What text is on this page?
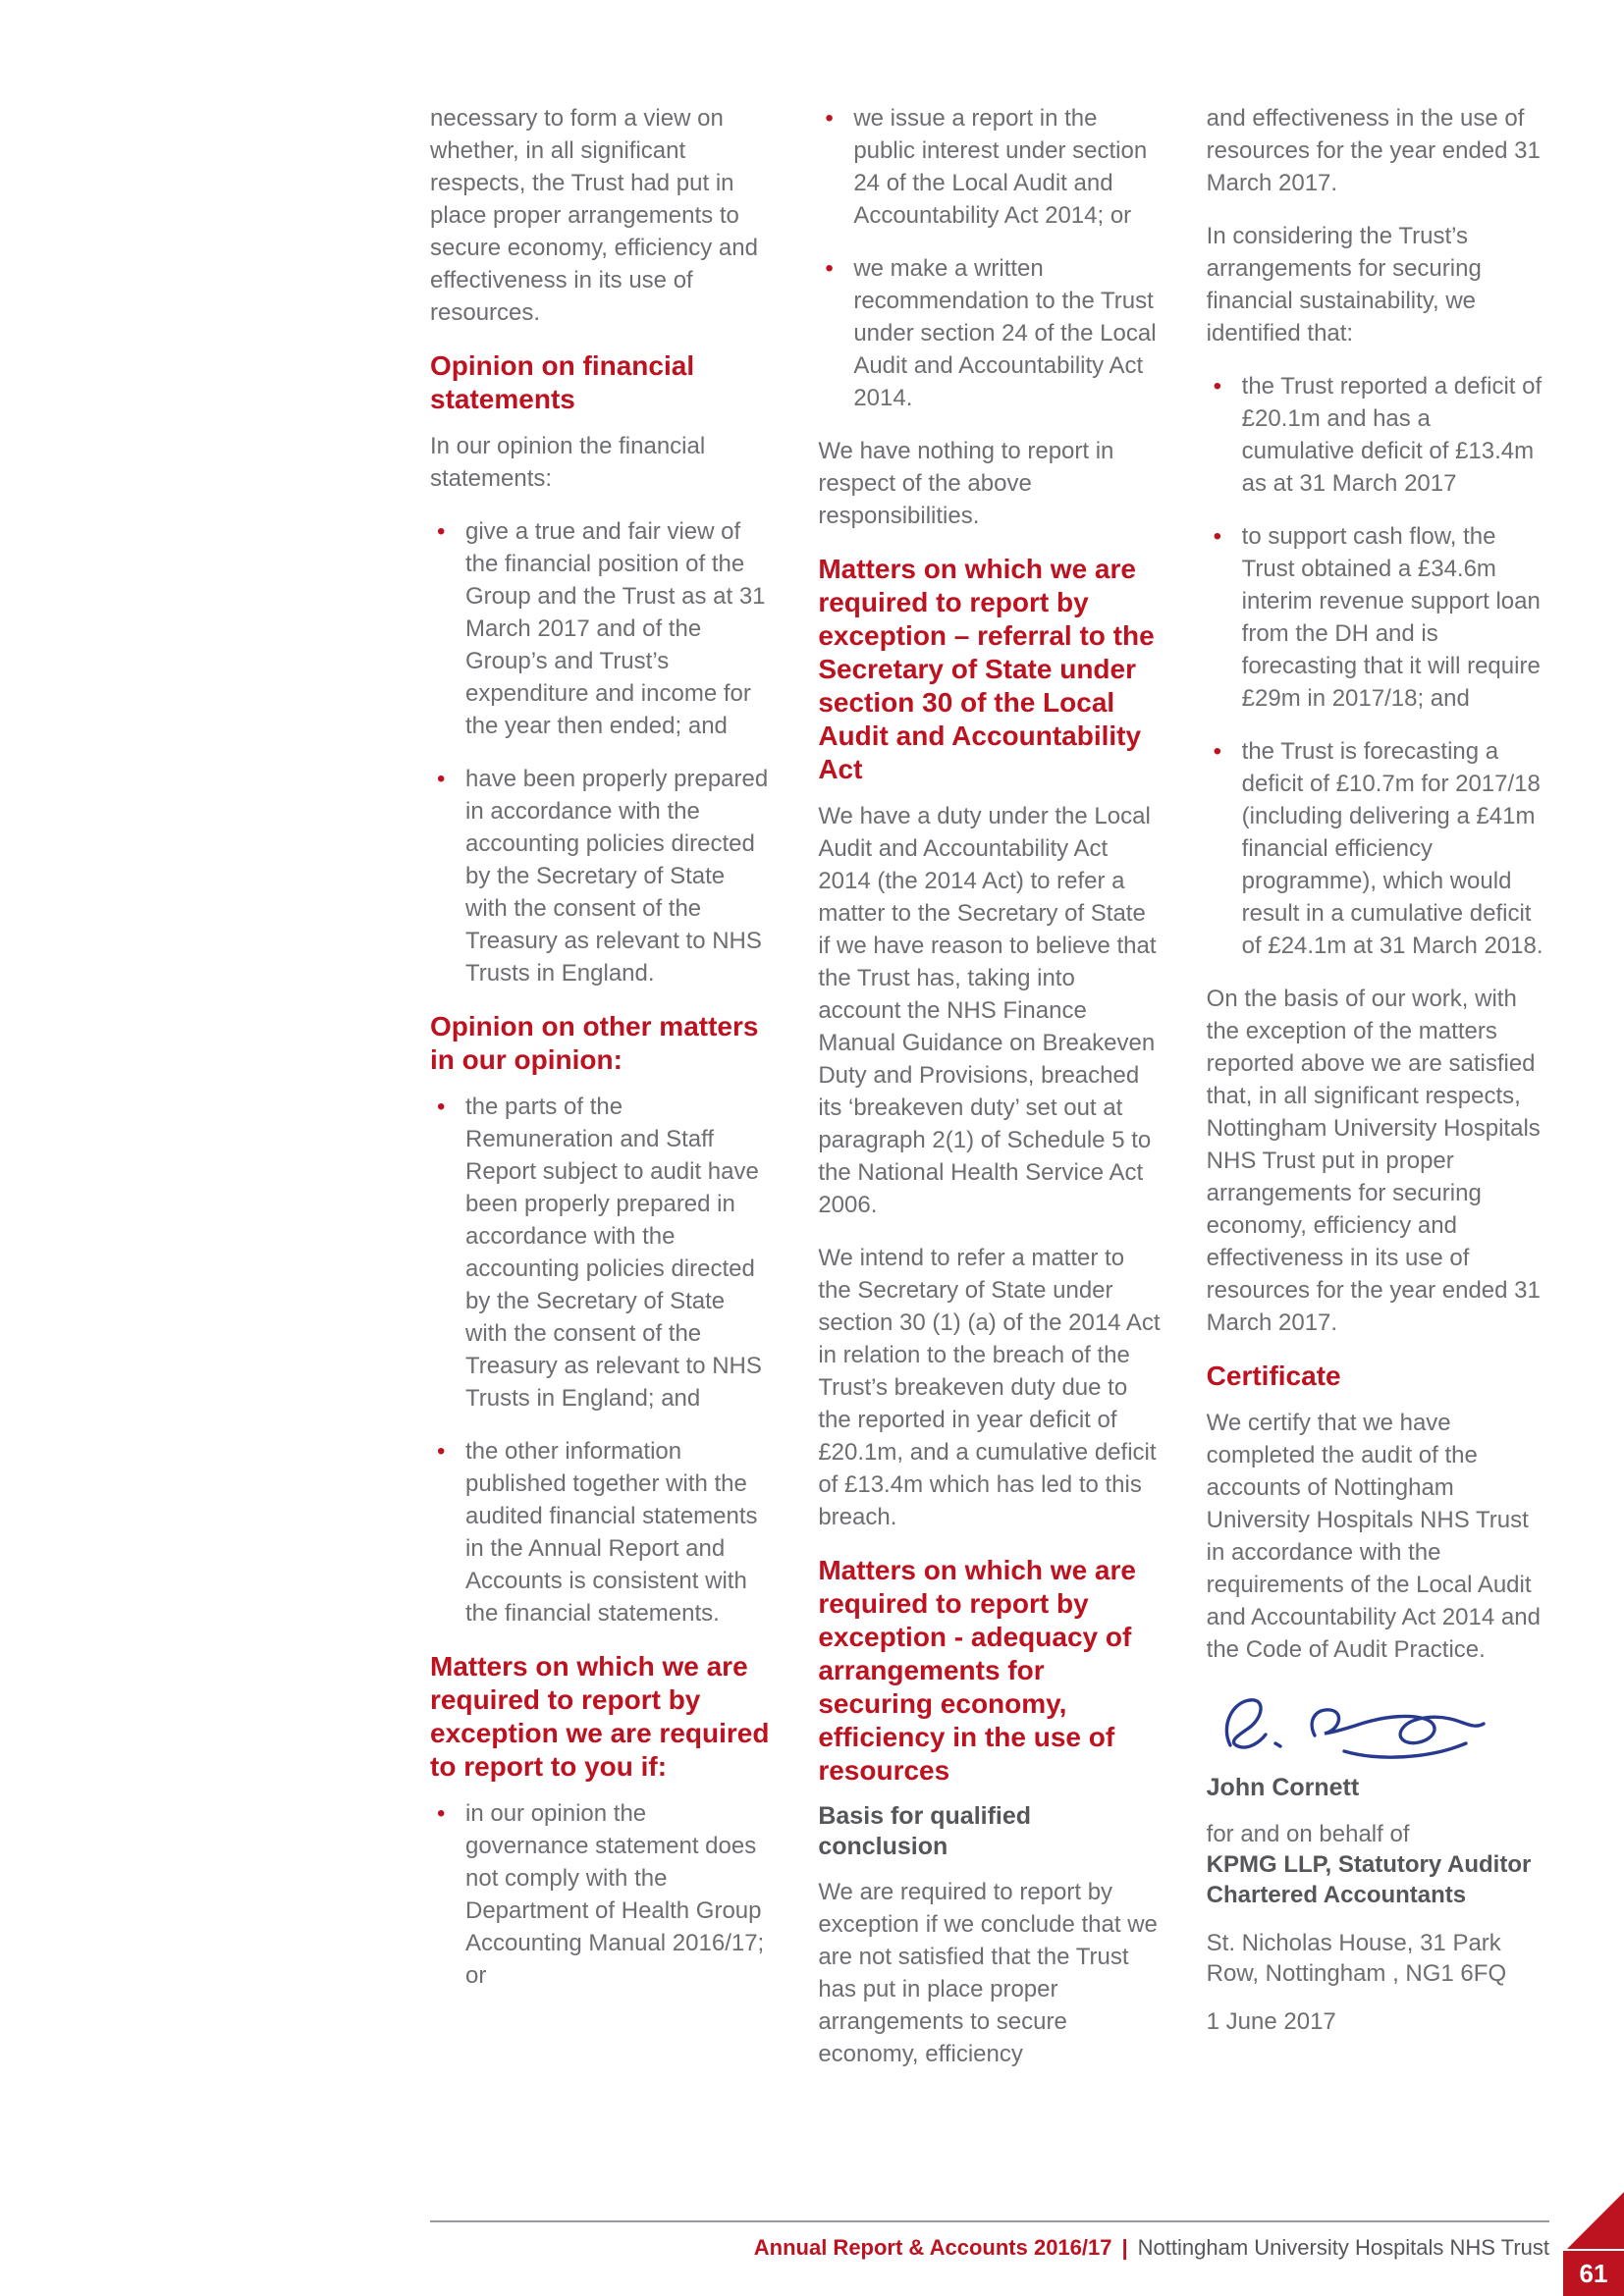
necessary to form a view on whether, in all significant respects, the Trust had put in place proper arrangements to secure economy, efficiency and effectiveness in its use of resources.

Opinion on financial statements

In our opinion the financial statements:

• give a true and fair view of the financial position of the Group and the Trust as at 31 March 2017 and of the Group’s and Trust’s expenditure and income for the year then ended; and
• have been properly prepared in accordance with the accounting policies directed by the Secretary of State with the consent of the Treasury as relevant to NHS Trusts in England.
Opinion on other matters in our opinion:
• the parts of the Remuneration and Staff Report subject to audit have been properly prepared in accordance with the accounting policies directed by the Secretary of State with the consent of the Treasury as relevant to NHS Trusts in England; and
• the other information published together with the audited financial statements in the Annual Report and Accounts is consistent with the financial statements.
Matters on which we are required to report by exception we are required to report to you if:
• in our opinion the governance statement does not comply with the Department of Health Group Accounting Manual 2016/17; or
• we issue a report in the public interest under section 24 of the Local Audit and Accountability Act 2014; or
• we make a written recommendation to the Trust under section 24 of the Local Audit and Accountability Act 2014.

We have nothing to report in respect of the above responsibilities.

Matters on which we are required to report by exception – referral to the Secretary of State under section 30 of the Local Audit and Accountability Act

We have a duty under the Local Audit and Accountability Act 2014 (the 2014 Act) to refer a matter to the Secretary of State if we have reason to believe that the Trust has, taking into account the NHS Finance Manual Guidance on Breakeven Duty and Provisions, breached its ‘breakeven duty’ set out at paragraph 2(1) of Schedule 5 to the National Health Service Act 2006.

We intend to refer a matter to the Secretary of State under section 30 (1) (a) of the 2014 Act in relation to the breach of the Trust’s breakeven duty due to the reported in year deficit of £20.1m, and a cumulative deficit of £13.4m which has led to this breach.

Matters on which we are required to report by exception - adequacy of arrangements for securing economy, efficiency in the use of resources
Basis for qualified conclusion

We are required to report by exception if we conclude that we are not satisfied that the Trust has put in place proper arrangements to secure economy, efficiency

and effectiveness in the use of resources for the year ended 31 March 2017.

In considering the Trust’s arrangements for securing financial sustainability, we identified that:

• the Trust reported a deficit of £20.1m and has a cumulative deficit of £13.4m as at 31 March 2017
• to support cash flow, the Trust obtained a £34.6m interim revenue support loan from the DH and is forecasting that it will require £29m in 2017/18; and
• the Trust is forecasting a deficit of £10.7m for 2017/18 (including delivering a £41m financial efficiency programme), which would result in a cumulative deficit of £24.1m at 31 March 2018.

On the basis of our work, with the exception of the matters reported above we are satisfied that, in all significant respects, Nottingham University Hospitals NHS Trust put in proper arrangements for securing economy, efficiency and effectiveness in its use of resources for the year ended 31 March 2017.

Certificate

We certify that we have completed the audit of the accounts of Nottingham University Hospitals NHS Trust in accordance with the requirements of the Local Audit and Accountability Act 2014 and the Code of Audit Practice.

John Cornett

for and on behalf of

KPMG LLP, Statutory Auditor
Chartered Accountants

St. Nicholas House, 31 Park Row, Nottingham , NG1 6FQ

1 June 2017

Annual Report & Accounts 2016/17 | Nottingham University Hospitals NHS Trust
61
